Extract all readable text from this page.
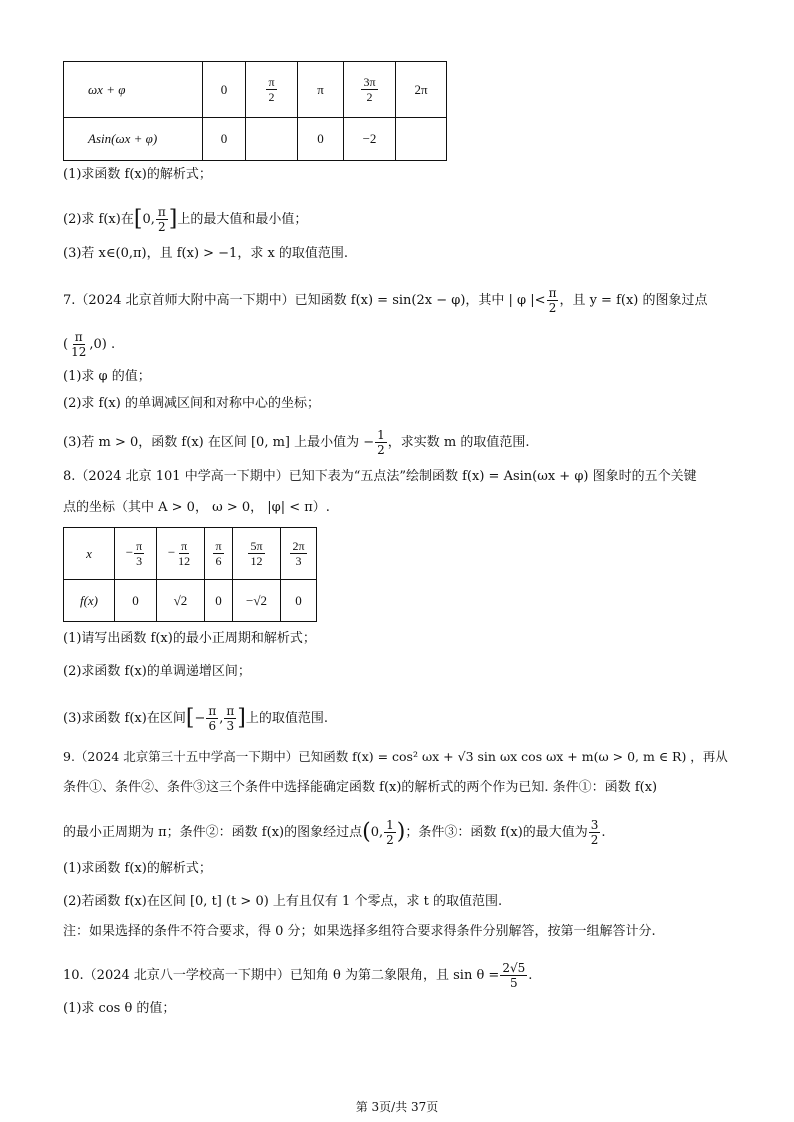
ωx + φ	0	$\frac{\pi}{2}$	π	$\frac{3\pi}{2}$	2π
Asin(ωx + φ)	0		0	−2	
(1)求函数 f(x)的解析式；
(2)求 f(x)在[0, $\frac{\pi}{2}$ ]上的最大值和最小值；
(3)若 x∈(0,π)，且 f(x) > −1，求 x 的取值范围.
7.（2024 北京首师大附中高一下期中）已知函数 f(x) = sin(2x − φ)，其中 | φ |< $\frac{\pi}{2}$ ，且 y = f(x) 的图象过点
( $\frac{\pi}{12} ,0$) .
(1)求 φ 的值；
(2)求 f(x) 的单调减区间和对称中心的坐标；
(3)若 m > 0，函数 f(x) 在区间 [0, m] 上最小值为 − $\frac{1}{2}$ ，求实数 m 的取值范围.
8.（2024 北京 101 中学高一下期中）已知下表为“五点法”绘制函数 f(x) = Asin(ωx + φ) 图象时的五个关键
点的坐标（其中 A > 0， ω > 0， |φ| < π）.
x	− $\frac{\pi}{3}$	− $\frac{\pi}{12}$	$\frac{\pi}{6}$	$\frac{5\pi}{12}$	$\frac{2\pi}{3}$

f(x)	0	√2	0	−√2	0
(1)请写出函数 f(x)的最小正周期和解析式；
(2)求函数 f(x)的单调递增区间；
(3)求函数 f(x)在区间[− $\frac{\pi}{6}$ , $\frac{\pi}{3}$ ]上的取值范围.
9.（2024 北京第三十五中学高一下期中）已知函数 f(x) = cos² ωx + √3 sin ωx cos ωx + m(ω > 0, m ∈ R) ，再从
条件①、条件②、条件③这三个条件中选择能确定函数 f(x)的解析式的两个作为已知. 条件①：函数 f(x)
的最小正周期为 π；条件②：函数 f(x)的图象经过点(0, $\frac{1}{2}$ )；条件③：函数 f(x)的最大值为 $\frac{3}{2}$ .
(1)求函数 f(x)的解析式；
(2)若函数 f(x)在区间 [0, t] (t > 0) 上有且仅有 1 个零点，求 t 的取值范围.
注：如果选择的条件不符合要求，得 0 分；如果选择多组符合要求得条件分别解答，按第一组解答计分.
10.（2024 北京八一学校高一下期中）已知角 θ 为第二象限角，且 $\sin \theta = \frac{2√5}{5}$ .
(1)求 cos θ 的值；
第 3页/共 37页
